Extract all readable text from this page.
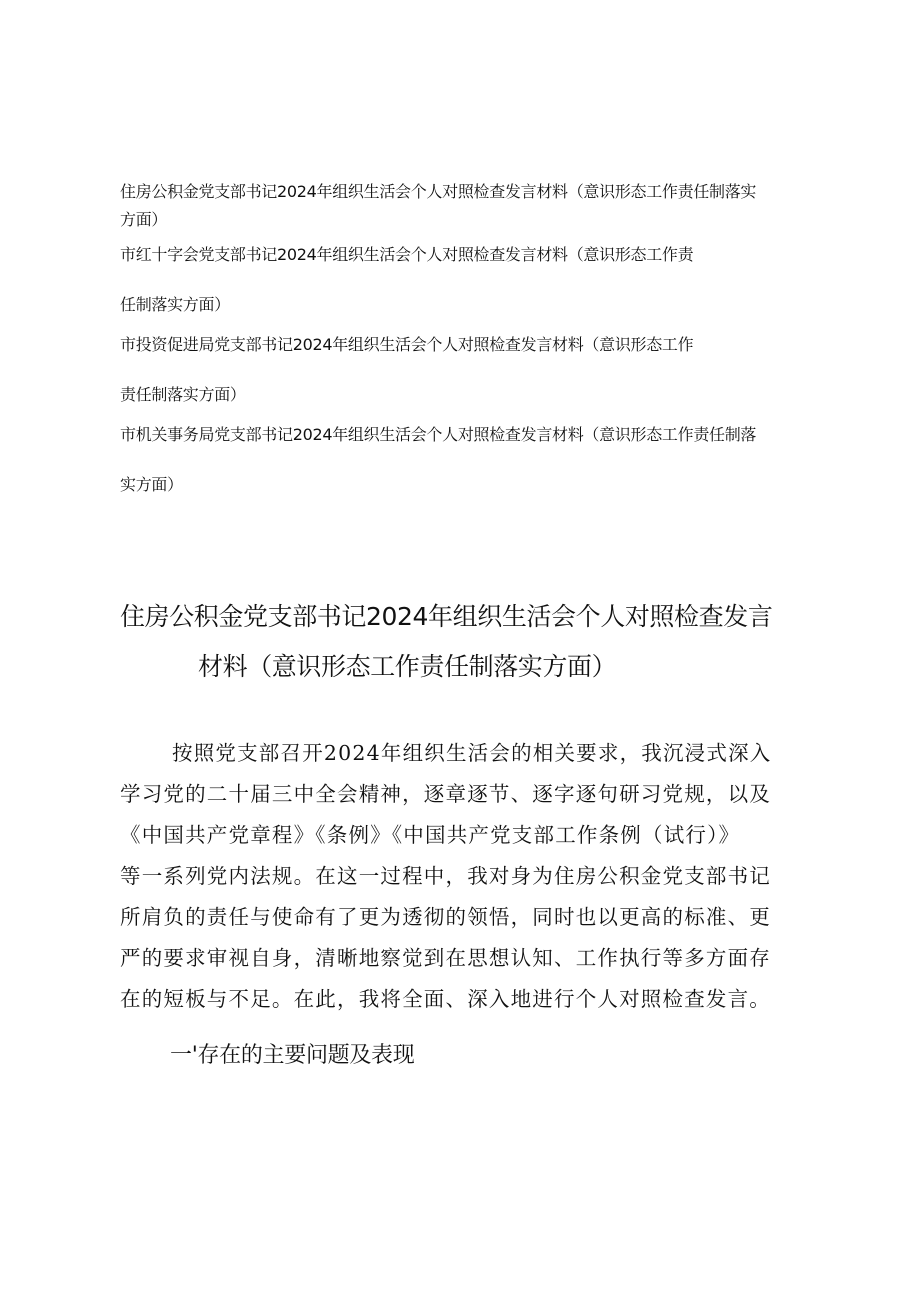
住房公积金党支部书记2024年组织生活会个人对照检查发言材料（意识形态工作责任制落实
方面）
市红十字会党支部书记2024年组织生活会个人对照检查发言材料（意识形态工作责
任制落实方面）
市投资促进局党支部书记2024年组织生活会个人对照检查发言材料（意识形态工作
责任制落实方面）
市机关事务局党支部书记2024年组织生活会个人对照检查发言材料（意识形态工作责任制落
实方面）
住房公积金党支部书记2024年组织生活会个人对照检查发言
材料（意识形态工作责任制落实方面）

按照党支部召开2024年组织生活会的相关要求，我沉浸式深入
学习党的二十届三中全会精神，逐章逐节、逐字逐句研习党规，以及
《中国共产党章程》《条例》《中国共产党支部工作条例（试行）》
等一系列党内法规。在这一过程中，我对身为住房公积金党支部书记
所肩负的责任与使命有了更为透彻的领悟，同时也以更高的标准、更
严的要求审视自身，清晰地察觉到在思想认知、工作执行等多方面存
在的短板与不足。在此，我将全面、深入地进行个人对照检查发言。

一'存在的主要问题及表现
